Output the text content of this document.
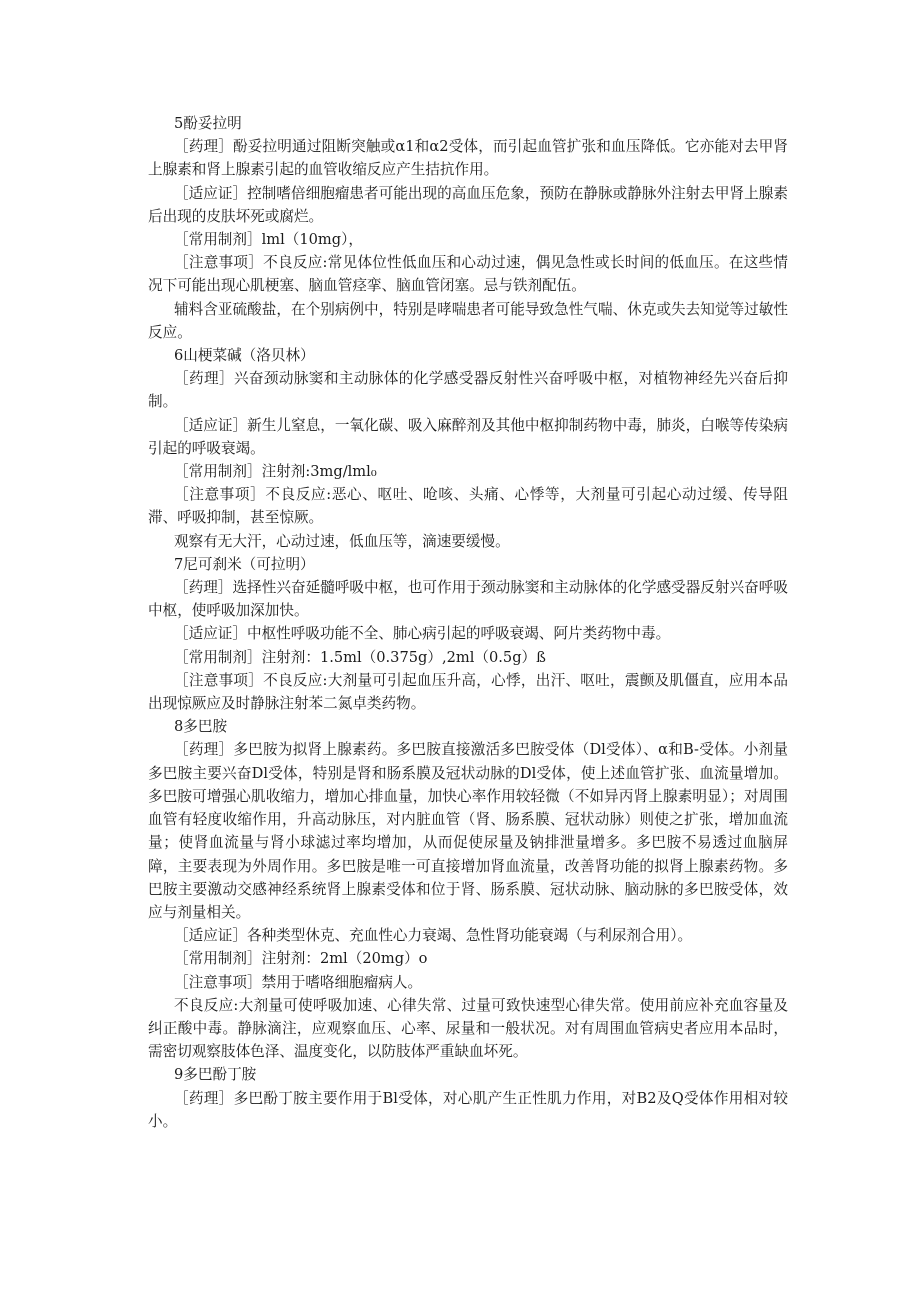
5酚妥拉明

［药理］酚妥拉明通过阻断突触或α1和α2受体，而引起血管扩张和血压降低。它亦能对去甲肾上腺素和肾上腺素引起的血管收缩反应产生拮抗作用。

［适应证］控制嗜倍细胞瘤患者可能出现的高血压危象，预防在静脉或静脉外注射去甲肾上腺素后出现的皮肤坏死或腐烂。

［常用制剂］lml（10mg），

［注意事项］不良反应:常见体位性低血压和心动过速，偶见急性或长时间的低血压。在这些情况下可能出现心肌梗塞、脑血管痉挛、脑血管闭塞。忌与铁剂配伍。

辅料含亚硫酸盐，在个别病例中，特别是哮喘患者可能导致急性气喘、休克或失去知觉等过敏性反应。

6山梗菜碱（洛贝林）

［药理］兴奋颈动脉窦和主动脉体的化学感受器反射性兴奋呼吸中枢，对植物神经先兴奋后抑制。

［适应证］新生儿窒息，一氧化碳、吸入麻醉剂及其他中枢抑制药物中毒，肺炎，白喉等传染病引起的呼吸衰竭。

［常用制剂］注射剂:3mg∕lml₀

［注意事项］不良反应:恶心、呕吐、呛咳、头痛、心悸等，大剂量可引起心动过缓、传导阻滞、呼吸抑制，甚至惊厥。

观察有无大汗，心动过速，低血压等，滴速要缓慢。

7尼可刹米（可拉明）

［药理］选择性兴奋延髓呼吸中枢，也可作用于颈动脉窦和主动脉体的化学感受器反射兴奋呼吸中枢，使呼吸加深加快。

［适应证］中枢性呼吸功能不全、肺心病引起的呼吸衰竭、阿片类药物中毒。

［常用制剂］注射剂：1.5ml（0.375g）,2ml（0.5g）ß

［注意事项］不良反应:大剂量可引起血压升高，心悸，出汗、呕吐，震颤及肌僵直，应用本品出现惊厥应及时静脉注射苯二氮卓类药物。

8多巴胺

［药理］多巴胺为拟肾上腺素药。多巴胺直接激活多巴胺受体（Dl受体）、α和B-受体。小剂量多巴胺主要兴奋Dl受体，特别是肾和肠系膜及冠状动脉的Dl受体，使上述血管扩张、血流量增加。多巴胺可增强心肌收缩力，增加心排血量，加快心率作用较轻微（不如异丙肾上腺素明显）；对周围血管有轻度收缩作用，升高动脉压，对内脏血管（肾、肠系膜、冠状动脉）则使之扩张，增加血流量；使肾血流量与肾小球滤过率均增加，从而促使尿量及钠排泄量增多。多巴胺不易透过血脑屏障，主要表现为外周作用。多巴胺是唯一可直接增加肾血流量，改善肾功能的拟肾上腺素药物。多巴胺主要激动交感神经系统肾上腺素受体和位于肾、肠系膜、冠状动脉、脑动脉的多巴胺受体，效应与剂量相关。

［适应证］各种类型休克、充血性心力衰竭、急性肾功能衰竭（与利尿剂合用）。

［常用制剂］注射剂：2ml（20mg）o

［注意事项］禁用于嗜咯细胞瘤病人。

不良反应:大剂量可使呼吸加速、心律失常、过量可致快速型心律失常。使用前应补充血容量及纠正酸中毒。静脉滴注，应观察血压、心率、尿量和一般状况。对有周围血管病史者应用本品时，需密切观察肢体色泽、温度变化，以防肢体严重缺血坏死。

9多巴酚丁胺

［药理］多巴酚丁胺主要作用于Bl受体，对心肌产生正性肌力作用，对B2及Q受体作用相对较小。
